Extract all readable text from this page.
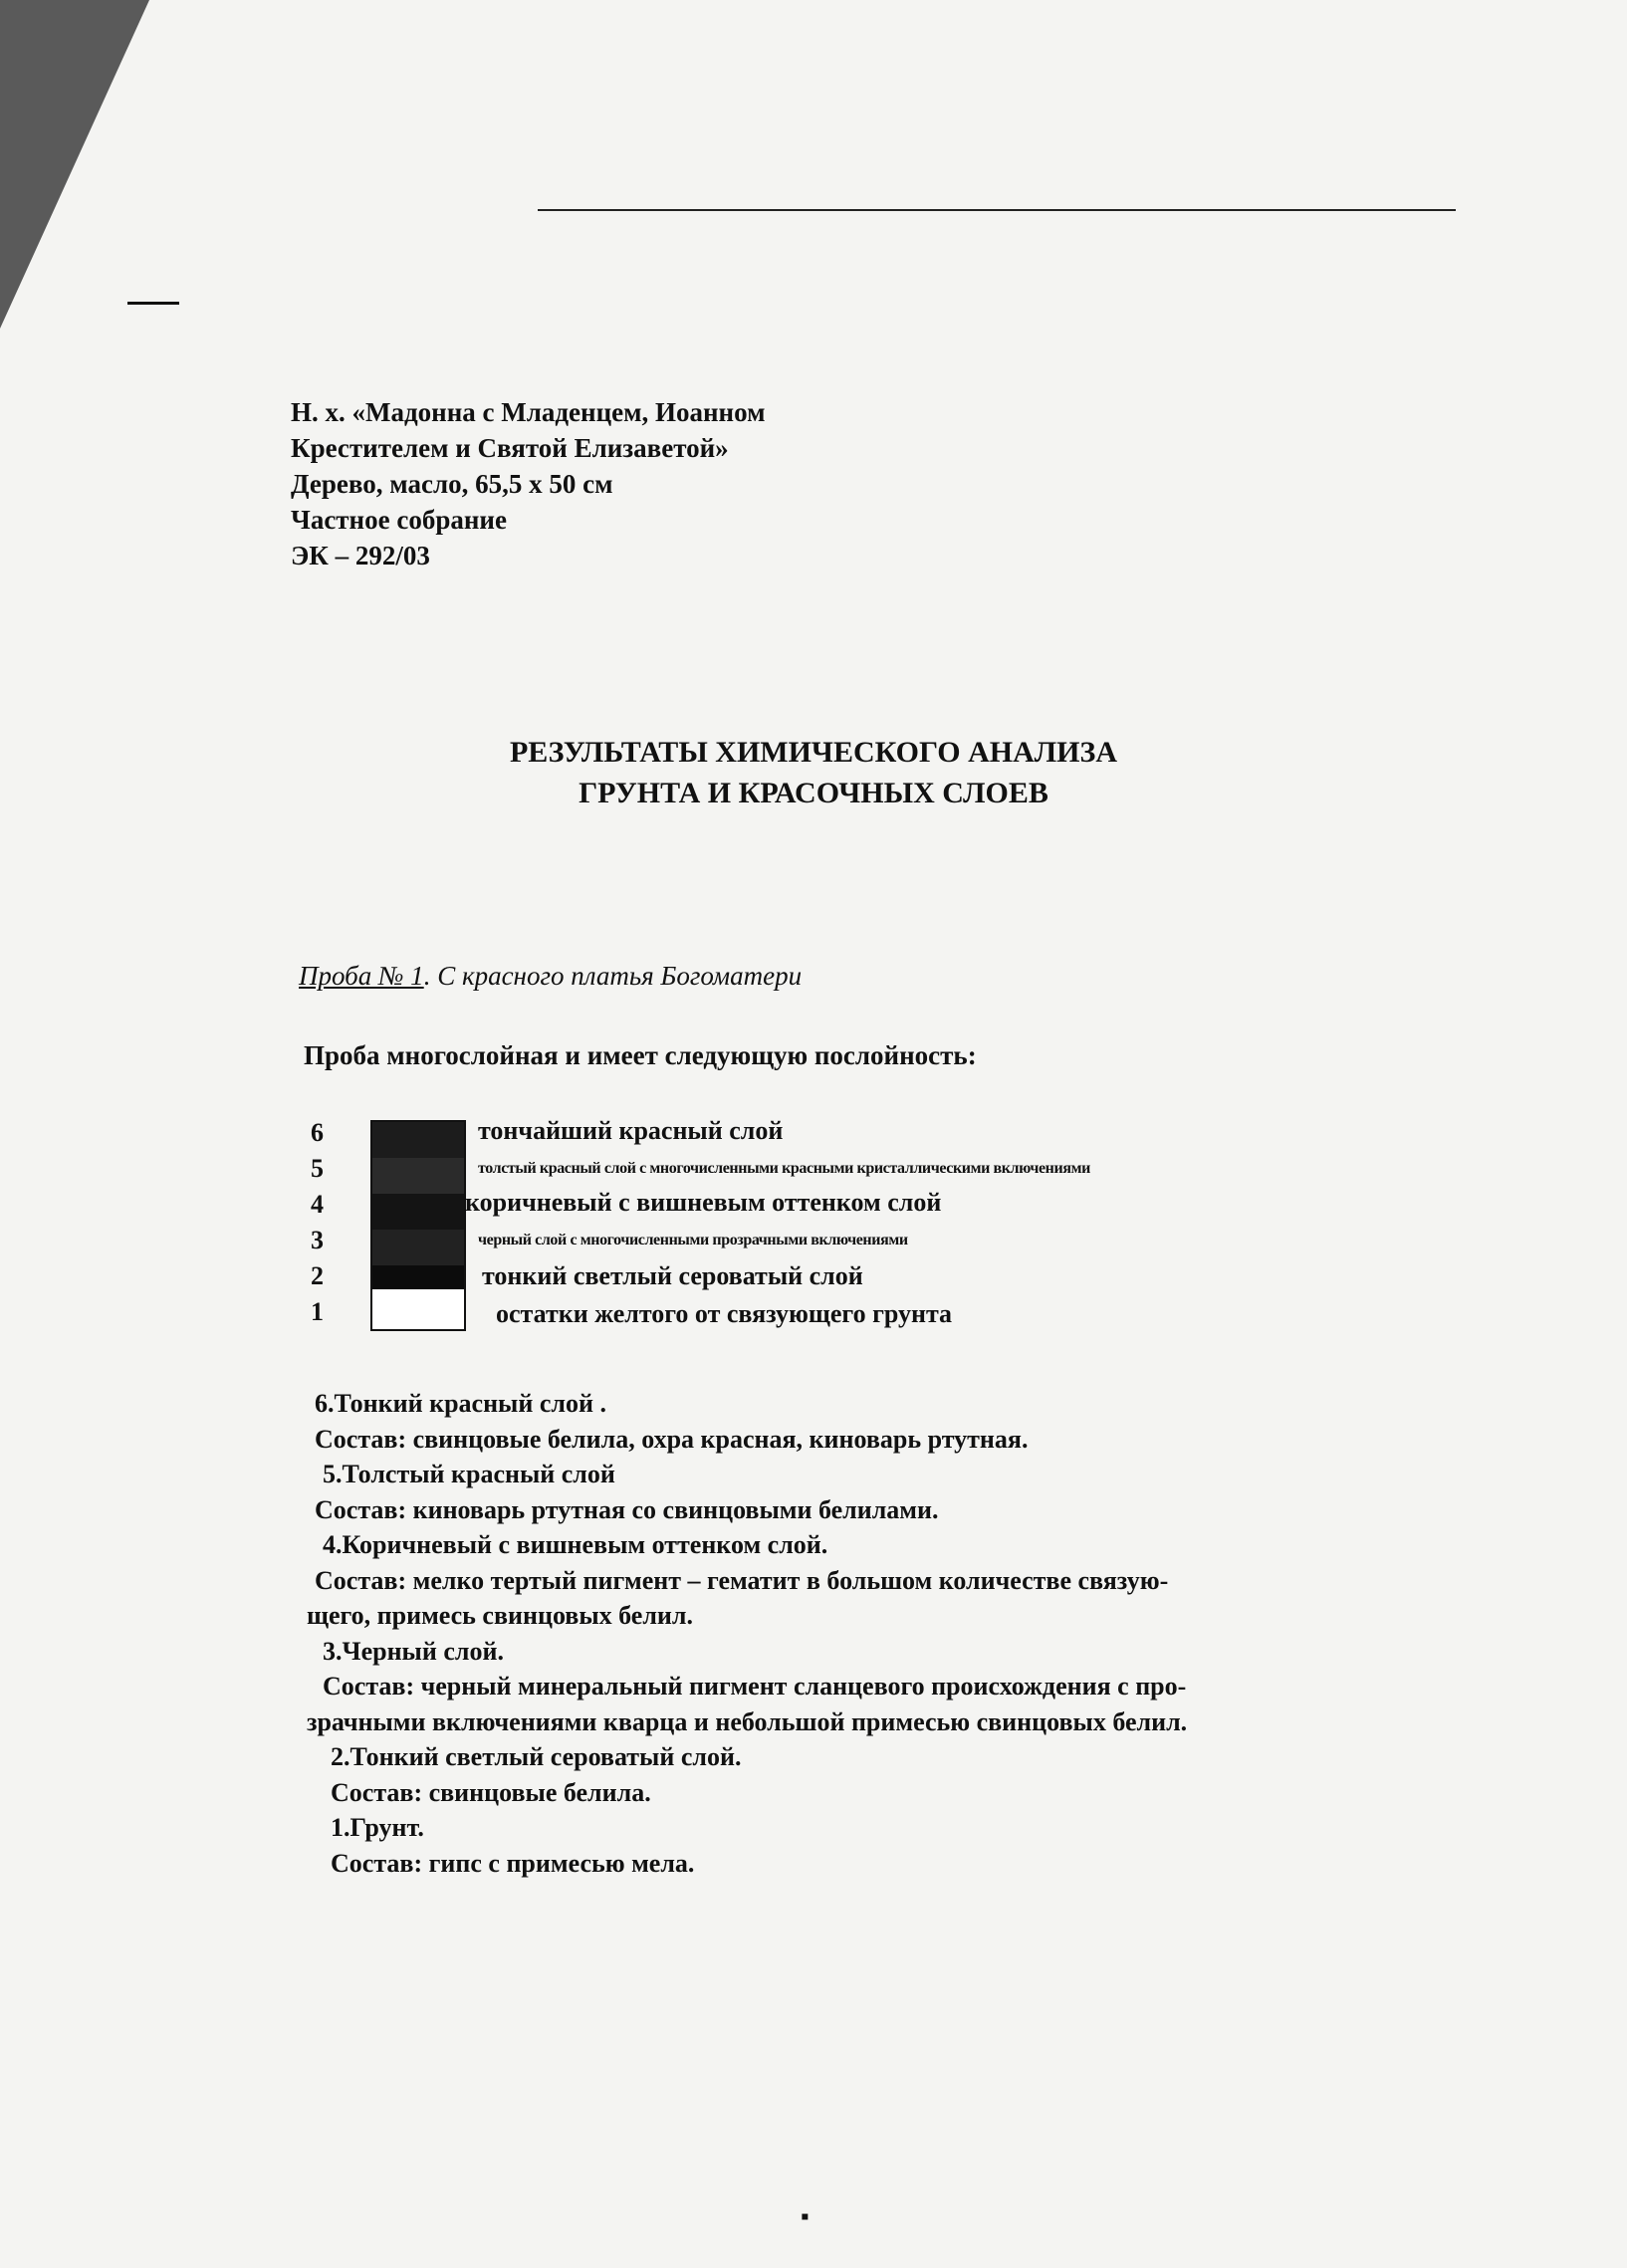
Н. х. «Мадонна с Младенцем, Иоанном
Крестителем и Святой Елизаветой»
Дерево, масло, 65,5 х 50 см
Частное собрание
ЭК – 292/03
РЕЗУЛЬТАТЫ ХИМИЧЕСКОГО АНАЛИЗА
ГРУНТА И КРАСОЧНЫХ СЛОЕВ
Проба № 1. С красного платья Богоматери
Проба многослойная и имеет следующую послойность:
6
5
4
3
2
1
тончайший красный слой
толстый красный слой с многочисленными красными кристаллическими включениями
коричневый с вишневым оттенком слой
черный слой с многочисленными прозрачными включениями
тонкий светлый сероватый слой
остатки желтого от связующего грунта
6.Тонкий красный слой .
Состав: свинцовые белила, охра красная, киноварь ртутная.
5.Толстый красный слой
Состав: киноварь ртутная со свинцовыми белилами.
4.Коричневый с вишневым оттенком слой.
Состав: мелко тертый пигмент – гематит в большом количестве связую-
щего, примесь свинцовых белил.
3.Черный слой.
Состав: черный минеральный пигмент сланцевого происхождения с про-
зрачными включениями кварца и небольшой примесью свинцовых белил.
2.Тонкий светлый сероватый слой.
Состав: свинцовые белила.
1.Грунт.
Состав: гипс с примесью мела.
▪
